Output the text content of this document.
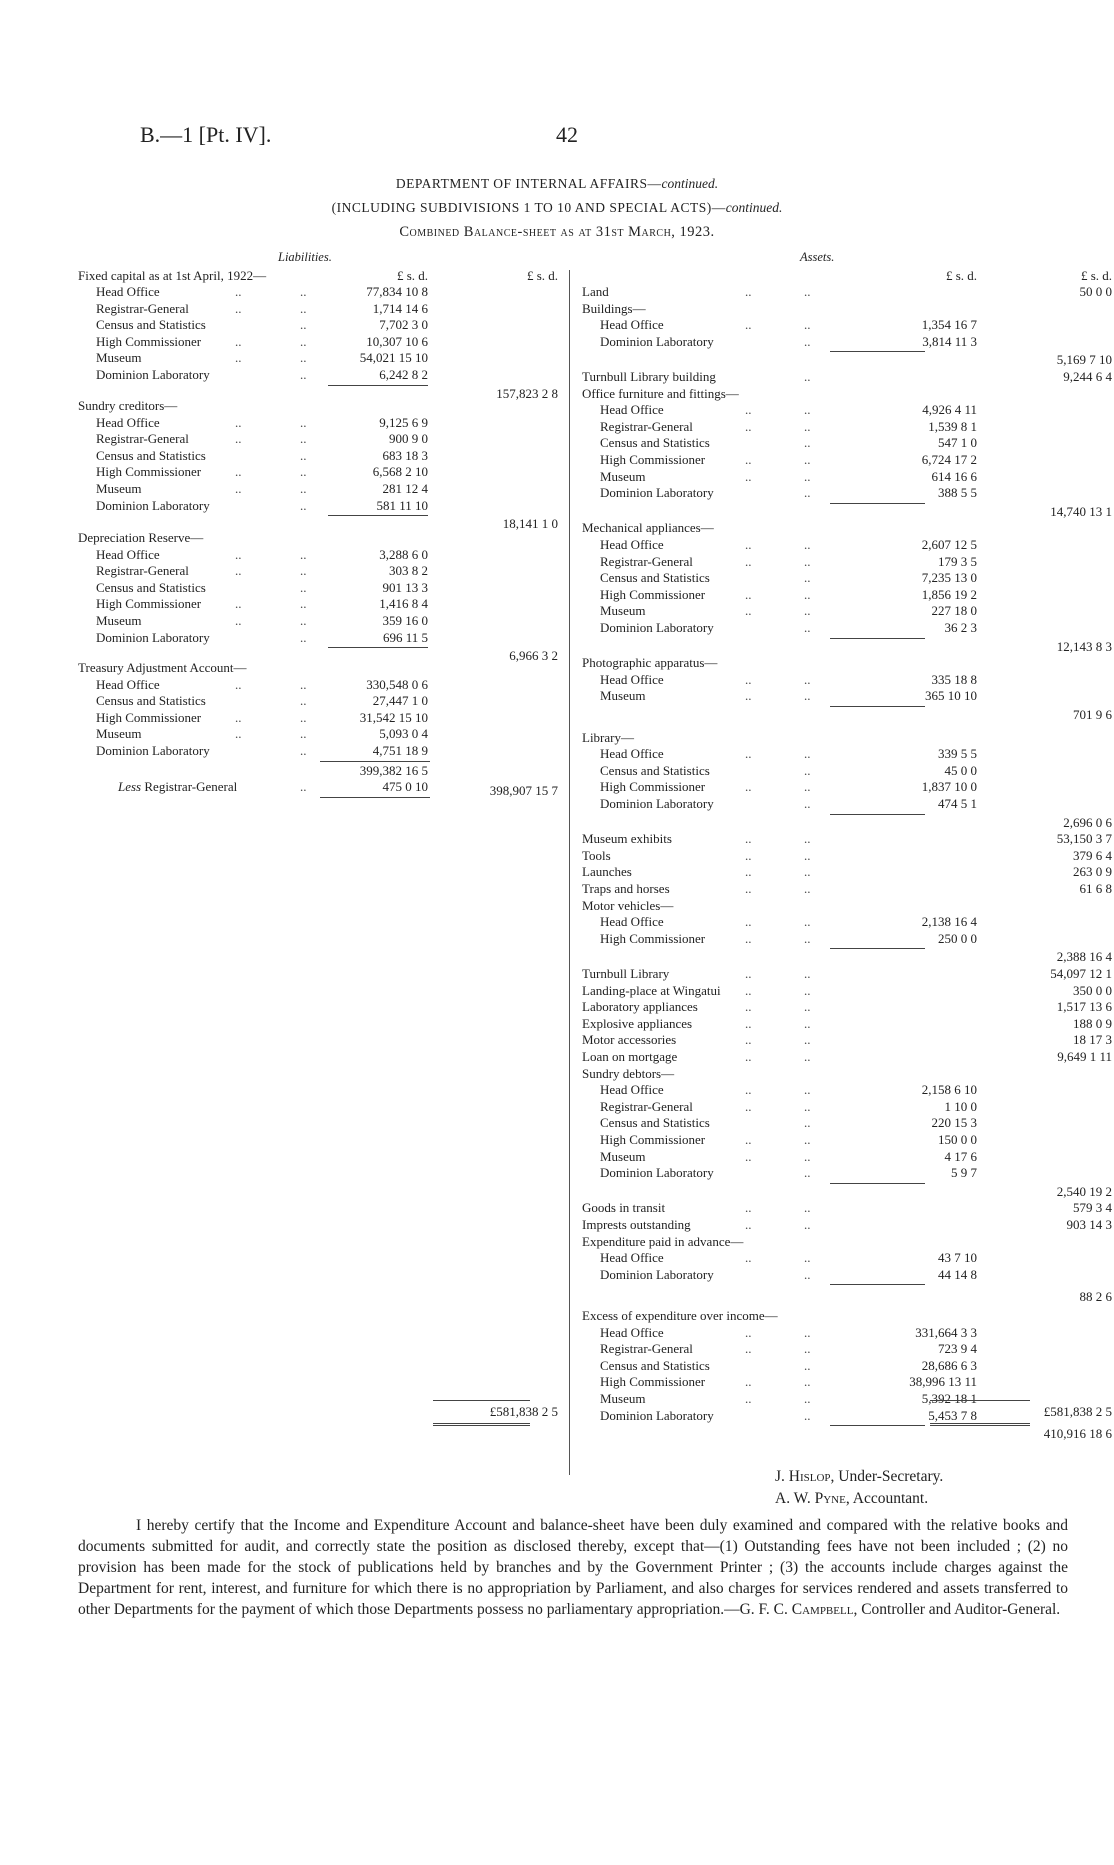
B.—1 [Pt. IV].	42
DEPARTMENT OF INTERNAL AFFAIRS—continued.
(INCLUDING SUBDIVISIONS 1 TO 10 AND SPECIAL ACTS)—continued.
Combined Balance-sheet as at 31st March, 1923.
Liabilities.	Assets.
Fixed capital as at 1st April, 1922—	£ s. d.	£ s. d.
Head Office	..	..	77,834 10 8
Registrar-General	..	..	1,714 14 6
Census and Statistics	..	7,702 3 0
High Commissioner	..	..	10,307 10 6
Museum	..	..	54,021 15 10
Dominion Laboratory	..	6,242 8 2
157,823 2 8
Sundry creditors—
Head Office	..	..	9,125 6 9
Registrar-General	..	..	900 9 0
Census and Statistics	..	683 18 3
High Commissioner	..	..	6,568 2 10
Museum	..	..	281 12 4
Dominion Laboratory	..	581 11 10
18,141 1 0
Depreciation Reserve—
Head Office	..	..	3,288 6 0
Registrar-General	..	..	303 8 2
Census and Statistics	..	901 13 3
High Commissioner	..	..	1,416 8 4
Museum	..	..	359 16 0
Dominion Laboratory	..	696 11 5
6,966 3 2
Treasury Adjustment Account—
Head Office	..	..	330,548 0 6
Census and Statistics	..	27,447 1 0
High Commissioner	..	..	31,542 15 10
Museum	..	..	5,093 0 4
Dominion Laboratory	..	4,751 18 9
399,382 16 5
Less Registrar-General	..	475 0 10	398,907 15 7
£581,838 2 5
£ s. d.	£ s. d.
Land	..	..	50 0 0
Buildings—
Head Office	..	..	1,354 16 7
Dominion Laboratory	..	3,814 11 3
5,169 7 10
Turnbull Library building	..	9,244 6 4
Office furniture and fittings—
Head Office	..	..	4,926 4 11
Registrar-General	..	..	1,539 8 1
Census and Statistics	..	547 1 0
High Commissioner	..	..	6,724 17 2
Museum	..	..	614 16 6
Dominion Laboratory	..	388 5 5
14,740 13 1
Mechanical appliances—
Head Office	..	..	2,607 12 5
Registrar-General	..	..	179 3 5
Census and Statistics	..	7,235 13 0
High Commissioner	..	..	1,856 19 2
Museum	..	..	227 18 0
Dominion Laboratory	..	36 2 3
12,143 8 3
Photographic apparatus—
Head Office	..	..	335 18 8
Museum	..	..	365 10 10
701 9 6
Library—
Head Office	..	..	339 5 5
Census and Statistics	..	45 0 0
High Commissioner	..	..	1,837 10 0
Dominion Laboratory	..	474 5 1
2,696 0 6
Museum exhibits	..	..	53,150 3 7
Tools	..	..	379 6 4
Launches	..	..	263 0 9
Traps and horses	..	..	61 6 8
Motor vehicles—
Head Office	..	..	2,138 16 4
High Commissioner	..	..	250 0 0
2,388 16 4
Turnbull Library	..	..	54,097 12 1
Landing-place at Wingatui ..	..	350 0 0
Laboratory appliances	..	..	1,517 13 6
Explosive appliances	..	..	188 0 9
Motor accessories	..	..	18 17 3
Loan on mortgage	..	..	9,649 1 11
Sundry debtors—
Head Office	..	..	2,158 6 10
Registrar-General	..	..	1 10 0
Census and Statistics	..	220 15 3
High Commissioner	..	..	150 0 0
Museum	..	..	4 17 6
Dominion Laboratory	..	5 9 7
2,540 19 2
Goods in transit	..	..	579 3 4
Imprests outstanding	..	..	903 14 3
Expenditure paid in advance—
Head Office	..	..	43 7 10
Dominion Laboratory	..	44 14 8
88 2 6
Excess of expenditure over income—
Head Office	..	..	331,664 3 3
Registrar-General	..	..	723 9 4
Census and Statistics	..	28,686 6 3
High Commissioner	..	..	38,996 13 11
Museum	..	..	5,392 18 1
Dominion Laboratory	..	5,453 7 8
410,916 18 6
£581,838 2 5
J. Hislop, Under-Secretary.
A. W. Pyne, Accountant.
I hereby certify that the Income and Expenditure Account and balance-sheet have been duly examined and compared with the relative books and documents submitted for audit, and correctly state the position as disclosed thereby, except that—(1) Outstanding fees have not been included ; (2) no provision has been made for the stock of publications held by branches and by the Government Printer ; (3) the accounts include charges against the Department for rent, interest, and furniture for which there is no appropriation by Parliament, and also charges for services rendered and assets transferred to other Departments for the payment of which those Departments possess no parliamentary appropriation.—G. F. C. Campbell, Controller and Auditor-General.
